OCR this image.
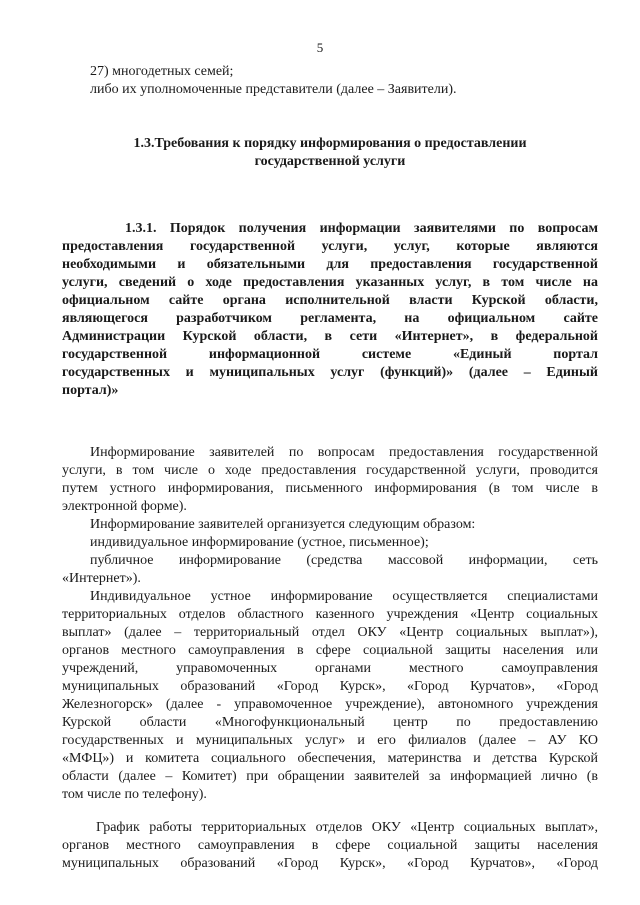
5
27) многодетных семей;
либо их уполномоченные представители (далее – Заявители).
1.3.Требования к порядку информирования о предоставлении
государственной услуги
1.3.1. Порядок получения информации заявителями по вопросам
предоставления государственной услуги, услуг, которые являются
необходимыми и обязательными для предоставления государственной
услуги, сведений о ходе предоставления указанных услуг, в том числе на
официальном сайте органа исполнительной власти Курской области,
являющегося разработчиком регламента, на официальном сайте
Администрации Курской области, в сети «Интернет», в федеральной
государственной информационной системе «Единый портал
государственных и муниципальных услуг (функций)» (далее – Единый
портал)»
Информирование заявителей по вопросам предоставления государственной
услуги, в том числе о ходе предоставления государственной услуги, проводится
путем устного информирования, письменного информирования (в том числе в
электронной форме).
Информирование заявителей организуется следующим образом:
индивидуальное информирование (устное, письменное);
публичное информирование (средства массовой информации, сеть
«Интернет»).
Индивидуальное устное информирование осуществляется специалистами
территориальных отделов областного казенного учреждения «Центр социальных
выплат» (далее – территориальный отдел ОКУ «Центр социальных выплат»),
органов местного самоуправления в сфере социальной защиты населения или
учреждений, управомоченных органами местного самоуправления
муниципальных образований «Город Курск», «Город Курчатов», «Город
Железногорск» (далее - управомоченное учреждение), автономного учреждения
Курской области «Многофункциональный центр по предоставлению
государственных и муниципальных услуг» и его филиалов (далее – АУ КО
«МФЦ») и комитета социального обеспечения, материнства и детства Курской
области (далее – Комитет) при обращении заявителей за информацией лично (в
том числе по телефону).
График работы территориальных отделов ОКУ «Центр социальных выплат»,
органов местного самоуправления в сфере социальной защиты населения
муниципальных образований «Город Курск», «Город Курчатов», «Город
